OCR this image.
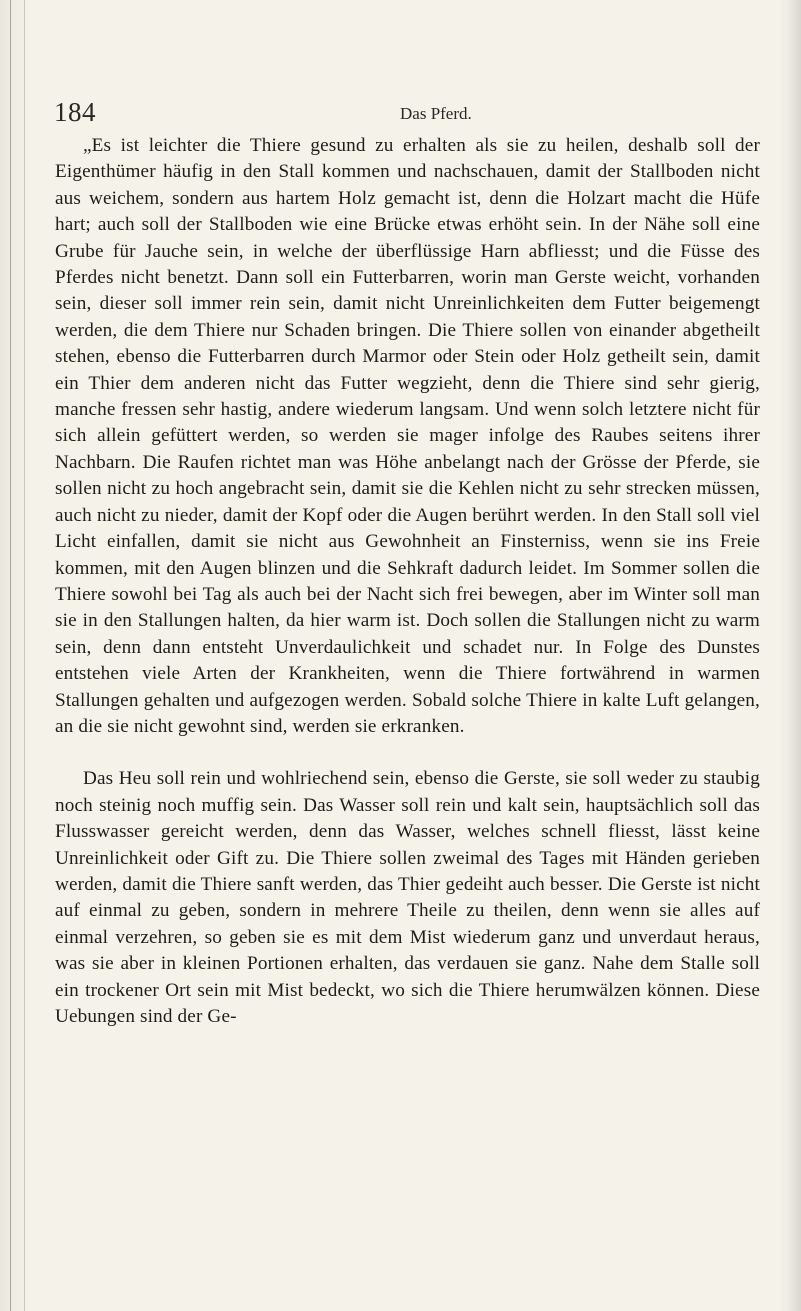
184	Das Pferd.

„Es ist leichter die Thiere gesund zu erhalten als sie zu heilen, deshalb soll der Eigenthümer häufig in den Stall kommen und nachschauen, damit der Stallboden nicht aus weichem, sondern aus hartem Holz gemacht ist, denn die Holzart macht die Hüfe hart; auch soll der Stallboden wie eine Brücke etwas erhöht sein. In der Nähe soll eine Grube für Jauche sein, in welche der überflüssige Harn abfliesst; und die Füsse des Pferdes nicht benetzt. Dann soll ein Futterbarren, worin man Gerste weicht, vorhanden sein, dieser soll immer rein sein, damit nicht Unreinlichkeiten dem Futter beigemengt werden, die dem Thiere nur Schaden bringen. Die Thiere sollen von einander abgetheilt stehen, ebenso die Futterbarren durch Marmor oder Stein oder Holz getheilt sein, damit ein Thier dem anderen nicht das Futter wegzieht, denn die Thiere sind sehr gierig, manche fressen sehr hastig, andere wiederum langsam. Und wenn solch letztere nicht für sich allein gefüttert werden, so werden sie mager infolge des Raubes seitens ihrer Nachbarn. Die Raufen richtet man was Höhe anbelangt nach der Grösse der Pferde, sie sollen nicht zu hoch angebracht sein, damit sie die Kehlen nicht zu sehr strecken müssen, auch nicht zu nieder, damit der Kopf oder die Augen berührt werden. In den Stall soll viel Licht einfallen, damit sie nicht aus Gewohnheit an Finsterniss, wenn sie ins Freie kommen, mit den Augen blinzen und die Sehkraft dadurch leidet. Im Sommer sollen die Thiere sowohl bei Tag als auch bei der Nacht sich frei bewegen, aber im Winter soll man sie in den Stallungen halten, da hier warm ist. Doch sollen die Stallungen nicht zu warm sein, denn dann entsteht Unverdaulichkeit und schadet nur. In Folge des Dunstes entstehen viele Arten der Krankheiten, wenn die Thiere fortwährend in warmen Stallungen gehalten und aufgezogen werden. Sobald solche Thiere in kalte Luft gelangen, an die sie nicht gewohnt sind, werden sie erkranken.

Das Heu soll rein und wohlriechend sein, ebenso die Gerste, sie soll weder zu staubig noch steinig noch muffig sein. Das Wasser soll rein und kalt sein, hauptsächlich soll das Flusswasser gereicht werden, denn das Wasser, welches schnell fliesst, lässt keine Unreinlichkeit oder Gift zu. Die Thiere sollen zweimal des Tages mit Händen gerieben werden, damit die Thiere sanft werden, das Thier gedeiht auch besser. Die Gerste ist nicht auf einmal zu geben, sondern in mehrere Theile zu theilen, denn wenn sie alles auf einmal verzehren, so geben sie es mit dem Mist wiederum ganz und unverdaut heraus, was sie aber in kleinen Portionen erhalten, das verdauen sie ganz. Nahe dem Stalle soll ein trockener Ort sein mit Mist bedeckt, wo sich die Thiere herumwälzen können. Diese Uebungen sind der Ge-
